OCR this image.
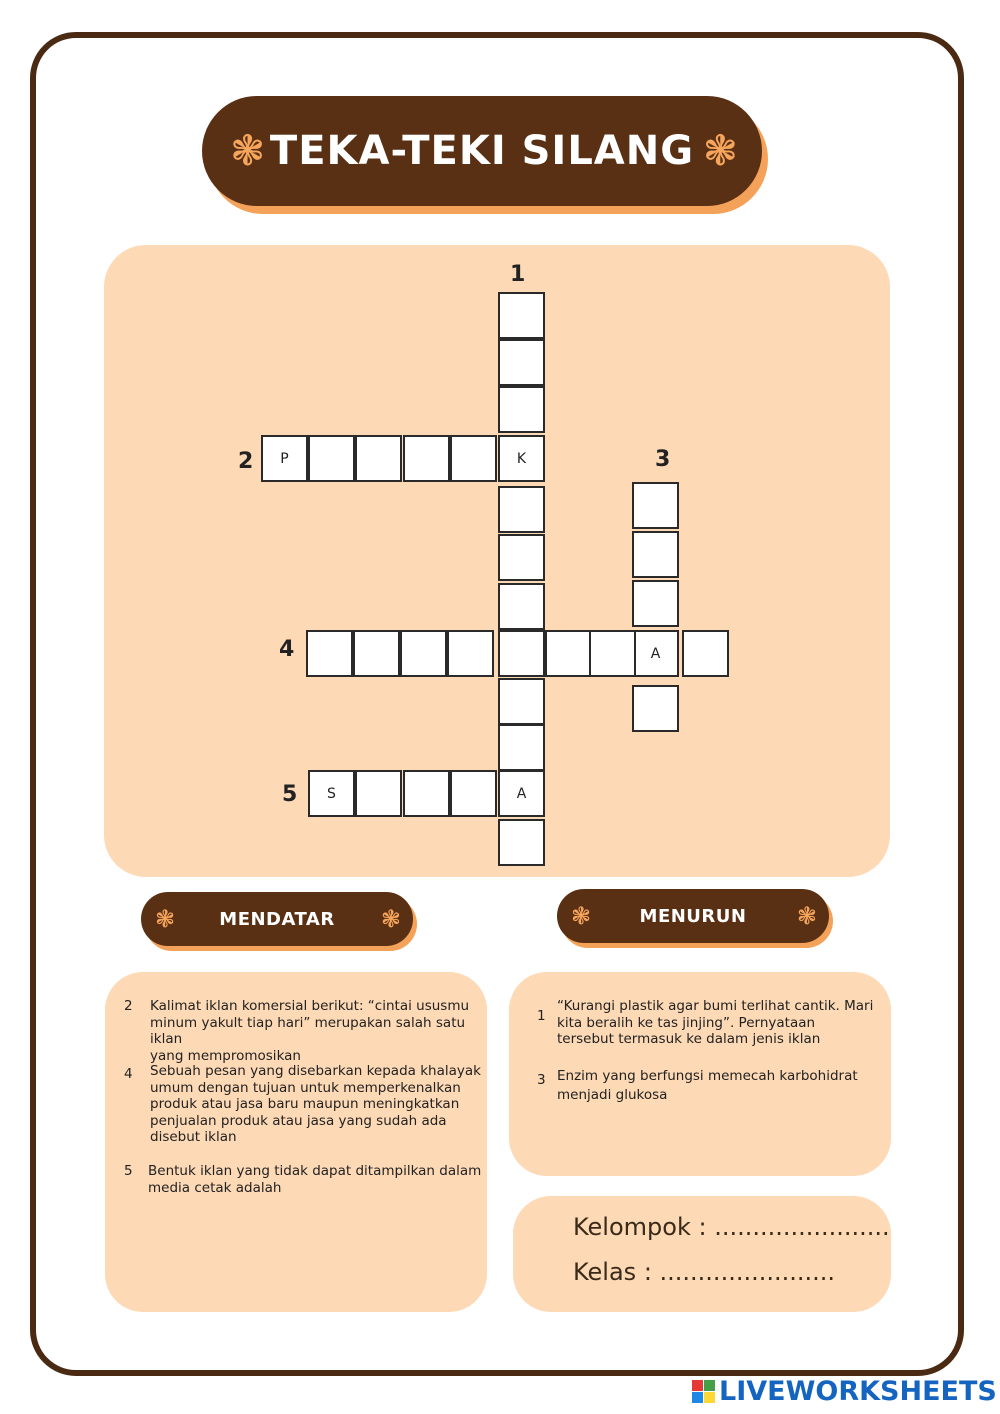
❃ TEKA-TEKI SILANG ❃
1
2	3
4
5
K
A
P
A
S
❃ MENDATAR ❃	❃	MENURUN ❃
2 Kalimat iklan komersial berikut: “cintai ususmu
minum yakult tiap hari” merupakan salah satu iklan
yang mempromosikan
4 Sebuah pesan yang disebarkan kepada khalayak
umum dengan tujuan untuk memperkenalkan
produk atau jasa baru maupun meningkatkan
penjualan produk atau jasa yang sudah ada
disebut iklan
5 Bentuk iklan yang tidak dapat ditampilkan dalam
media cetak adalah
1
“Kurangi plastik agar bumi terlihat cantik. Mari
kita beralih ke tas jinjing”. Pernyataan
tersebut termasuk ke dalam jenis iklan
3 Enzim yang berfungsi memecah karbohidrat
menjadi glukosa
Kelompok : .......................
Kelas : .......................
LIVEWORKSHEETS
